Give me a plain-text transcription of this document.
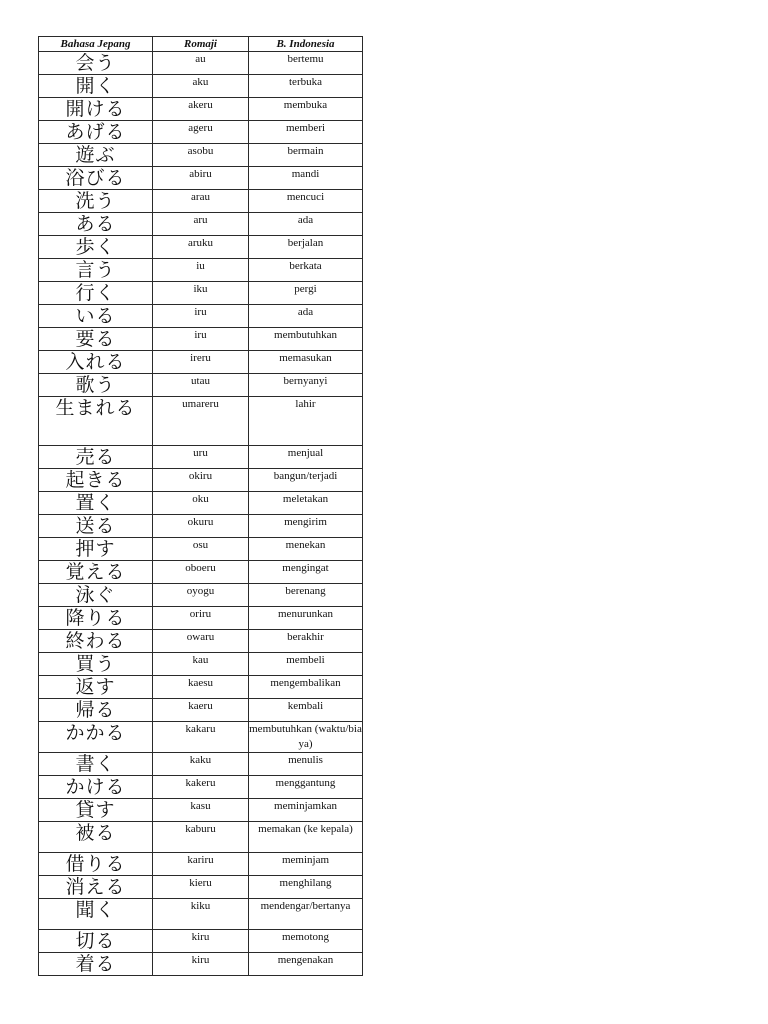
Bahasa Jepang	Romaji	B. Indonesia
会う	au	bertemu
開く	aku	terbuka
開ける	akeru	membuka
あげる	ageru	memberi
遊ぶ	asobu	bermain
浴びる	abiru	mandi
洗う	arau	mencuci
ある	aru	ada
歩く	aruku	berjalan
言う	iu	berkata
行く	iku	pergi
いる	iru	ada
要る	iru	membutuhkan
入れる	ireru	memasukan
歌う	utau	bernyanyi
生まれる	umareru	lahir
売る	uru	menjual
起きる	okiru	bangun/terjadi
置く	oku	meletakan
送る	okuru	mengirim
押す	osu	menekan
覚える	oboeru	mengingat
泳ぐ	oyogu	berenang
降りる	oriru	menurunkan
終わる	owaru	berakhir
買う	kau	membeli
返す	kaesu	mengembalikan
帰る	kaeru	kembali
かかる	kakaru	membutuhkan (waktu/biaya)
書く	kaku	menulis
かける	kakeru	menggantung
貸す	kasu	meminjamkan
被る	kaburu	memakan (ke kepala)
借りる	kariru	meminjam
消える	kieru	menghilang
聞く	kiku	mendengar/bertanya
切る	kiru	memotong
着る	kiru	mengenakan
